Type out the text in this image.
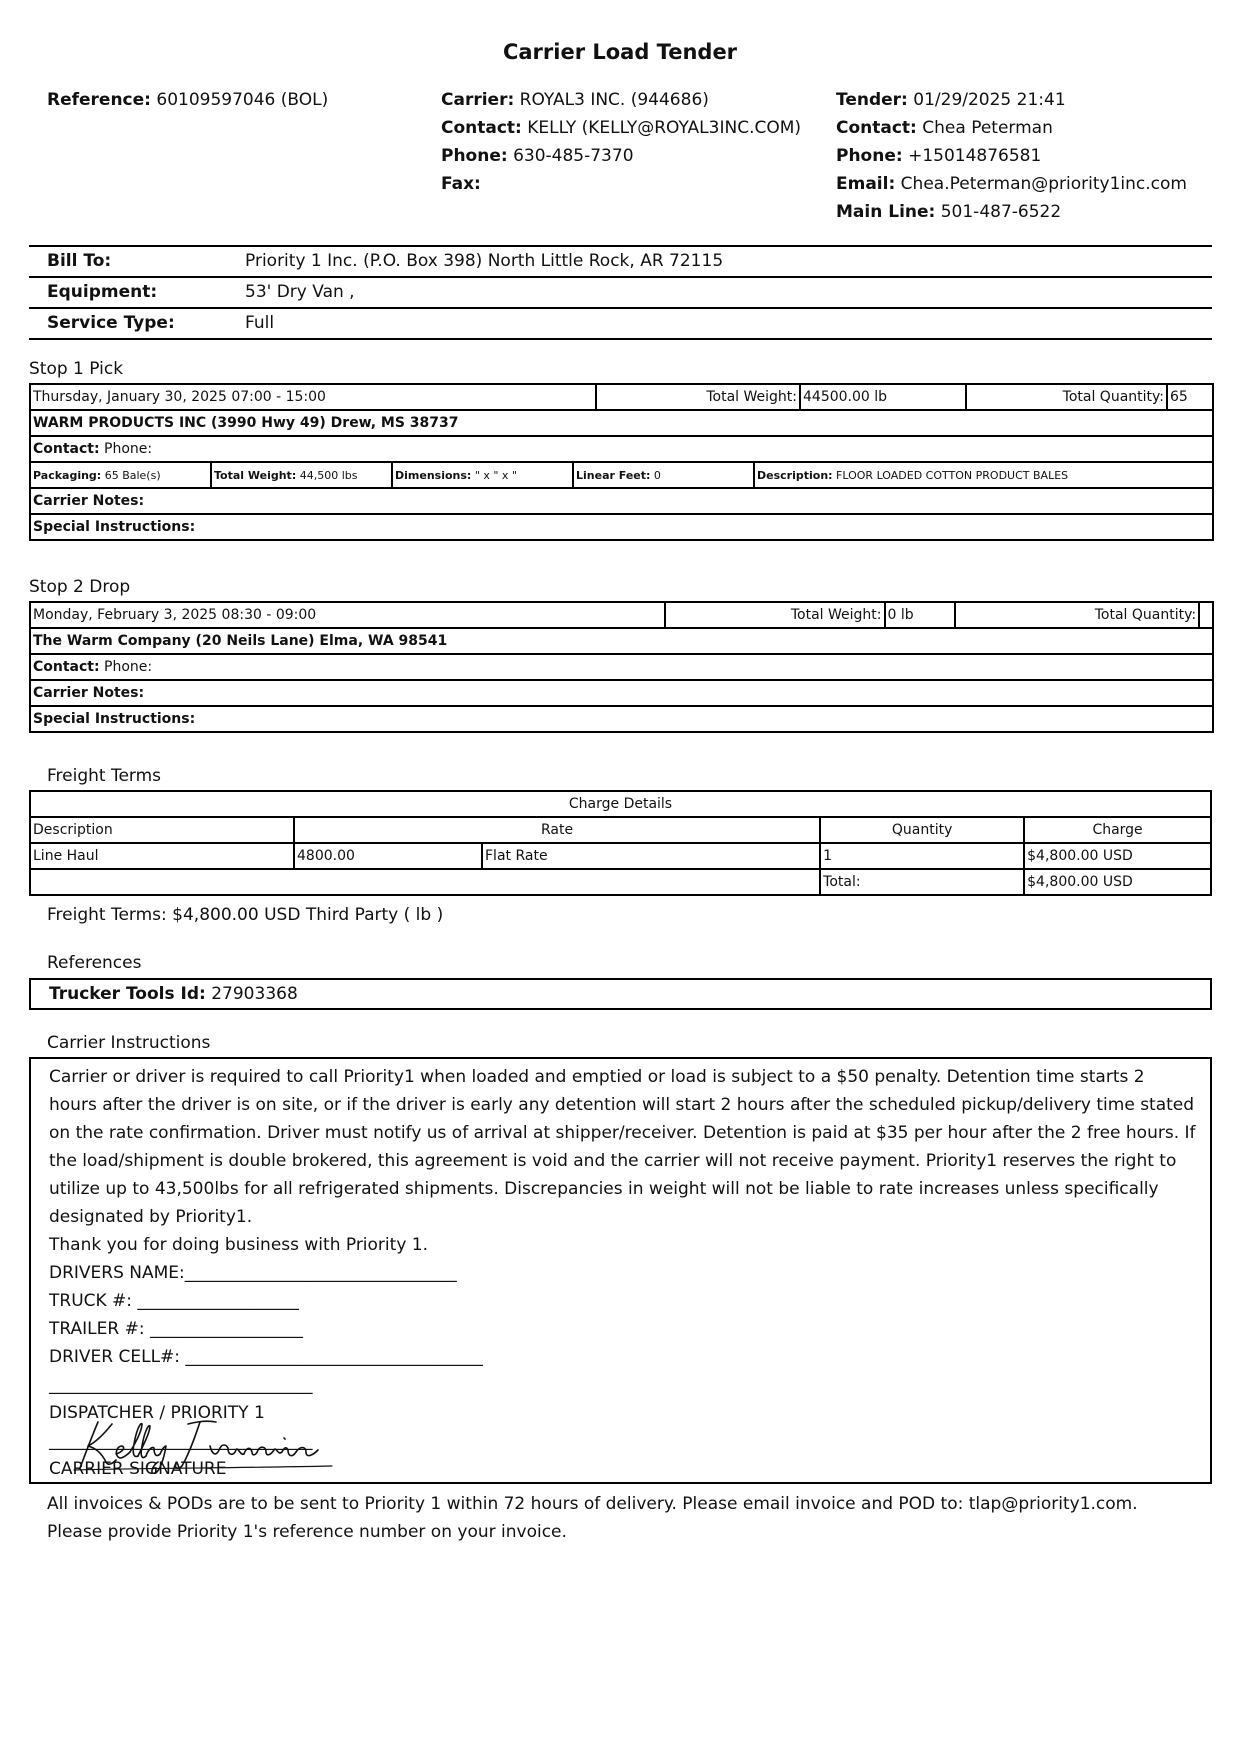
Carrier Load Tender
Reference: 60109597046 (BOL)	Carrier: ROYAL3 INC. (944686)
Contact: KELLY (KELLY@ROYAL3INC.COM)
Phone: 630-485-7370
Fax:
Tender: 01/29/2025 21:41
Contact: Chea Peterman
Phone: +15014876581
Email: Chea.Peterman@priority1inc.com
Main Line: 501-487-6522
Bill To:	Priority 1 Inc. (P.O. Box 398) North Little Rock, AR 72115
Equipment:	53' Dry Van ,
Service Type:	Full
Stop 1 Pick
Thursday, January 30, 2025 07:00 - 15:00	Total Weight:	44500.00 lb	Total Quantity:	65
WARM PRODUCTS INC (3990 Hwy 49) Drew, MS 38737
Contact: Phone:

Packaging: 65 Bale(s)	Total Weight: 44,500 lbs	Dimensions: " x " x "	Linear Feet: 0	Description: FLOOR LOADED COTTON PRODUCT BALES

Carrier Notes:
Special Instructions:
Stop 2 Drop
Monday, February 3, 2025 08:30 - 09:00	Total Weight:	0 lb	Total Quantity:	
The Warm Company (20 Neils Lane) Elma, WA 98541
Contact: Phone:
Carrier Notes:
Special Instructions:
Freight Terms
Charge Details				
Description	Rate		Quantity	Charge
Line Haul	4800.00	Flat Rate	1	$4,800.00 USD
			Total:	$4,800.00 USD
Freight Terms: $4,800.00 USD Third Party ( lb )
References
Trucker Tools Id: 27903368
Carrier Instructions

Carrier or driver is required to call Priority1 when loaded and emptied or load is subject to a $50 penalty. Detention time starts 2 hours after the driver is on site, or if the driver is early any detention will start 2 hours after the scheduled pickup/delivery time stated on the rate confirmation. Driver must notify us of arrival at shipper/receiver. Detention is paid at $35 per hour after the 2 free hours. If the load/shipment is double brokered, this agreement is void and the carrier will not receive payment. Priority1 reserves the right to utilize up to 43,500lbs for all refrigerated shipments. Discrepancies in weight will not be liable to rate increases unless specifically designated by Priority1.

Thank you for doing business with Priority 1.

DRIVERS NAME:________________________________

TRUCK #: ___________________

TRAILER #: __________________

DRIVER CELL#: ___________________________________

_______________________________

DISPATCHER / PRIORITY 1

_______________________________

CARRIER SIGNATURE

All invoices & PODs are to be sent to Priority 1 within 72 hours of delivery. Please email invoice and POD to: tlap@priority1.com. Please provide Priority 1's reference number on your invoice.
